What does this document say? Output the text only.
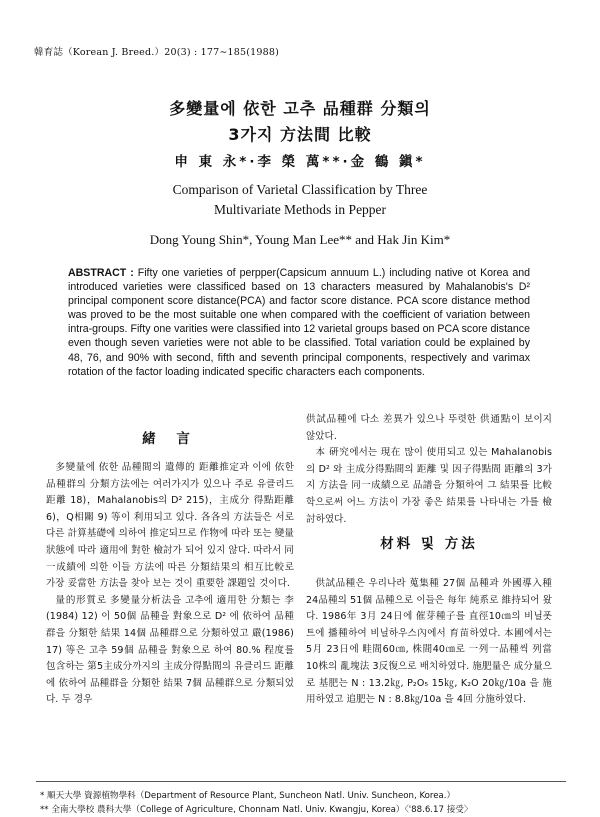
韓育誌（Korean J. Breed.）20(3) : 177∼185(1988)
多變量에 依한 고추 品種群 分類의
3가지 方法間 比較
申 東 永*·李 榮 萬**·金 鶴 鎭*
Comparison of Varietal Classification by Three
Multivariate Methods in Pepper
Dong Young Shin*, Young Man Lee** and Hak Jin Kim*
ABSTRACT : Fifty one varieties of perpper(Capsicum annuum L.) including native ot Korea and introduced varieties were classificed based on 13 characters measured by Mahalanobis's D² principal component score distance(PCA) and factor score distance. PCA score distance method was proved to be the most suitable one when compared with the coefficient of variation between intra-groups. Fifty one varities were classified into 12 varietal groups based on PCA score distance even though seven varieties were not able to be classified. Total variation could be explained by 48, 76, and 90% with second, fifth and seventh principal components, respectively and varimax rotation of the factor loading indicated specific characters each components.
緒 言

多變量에 依한 品種間의 遺傳的 距離推定과 이에 依한 品種群의 分類方法에는 여러가지가 있으나 주로 유클리드距離 18)，Mahalanobis의 D² 215)，主成分 得點距離 6)，Q相關 9) 等이 利用되고 있다. 各各의 方法들은 서로 다른 計算基礎에 의하여 推定되므로 作物에 따라 또는 變量狀態에 따라 適用에 對한 檢討가 되어 있지 않다. 따라서 同一成績에 의한 이들 方法에 따른 分類結果의 相互比較로 가장 妥當한 方法을 찾아 보는 것이 重要한 課題일 것이다.

量的形質로 多變量分析法을 고추에 適用한 分類는 李(1984) 12) 이 50個 品種을 對象으로 D² 에 依하여 品種群을 分類한 結果 14個 品種群으로 分類하였고 嚴(1986) 17) 等은 고추 59個 品種을 對象으로 하여 80.% 程度를 包含하는 第5主成分까지의 主成分得點間의 유클리드 距離에 依하여 品種群을 分類한 結果 7個 品種群으로 分類되었다. 두 경우

供試品種에 다소 差異가 있으나 뚜렷한 供通點이 보이지 않았다.

本 硏究에서는 現在 많이 使用되고 있는 Mahalanobis의 D² 와 主成分得點間의 距離 및 因子得點間 距離의 3가지 方法을 同一成績으로 品譜을 分類하여 그 結果를 比較학으로써 어느 方法이 가장 좋은 結果를 나타내는 가를 檢討하였다.

材料 및 方法

供試品種은 우리나라 蒐集種 27個 品種과 外國導入種 24品種의 51個 品種으로 이들은 每年 純系로 維持되어 왔다. 1986年 3月 24日에 催芽種子를 直徑10㎝의 비닐폿트에 播種하여 비닐하우스內에서 育苗하였다. 本圃에서는 5月 23日에 畦間60㎝, 株間40㎝로 一列一品種씩 列當 10株의 亂塊法 3反復으로 배치하였다. 施肥量은 成分量으로 基肥는 N : 13.2㎏, P₂O₅ 15㎏, K₂O 20㎏/10a 을 施用하였고 追肥는 N : 8.8㎏/10a 을 4回 分施하였다.

* 順天大學 資源植物學科（Department of Resource Plant, Suncheon Natl. Univ. Suncheon, Korea.）
** 全南大學校 農科大學（College of Agriculture, Chonnam Natl. Univ. Kwangju, Korea）〈'88.6.17 接受〉
